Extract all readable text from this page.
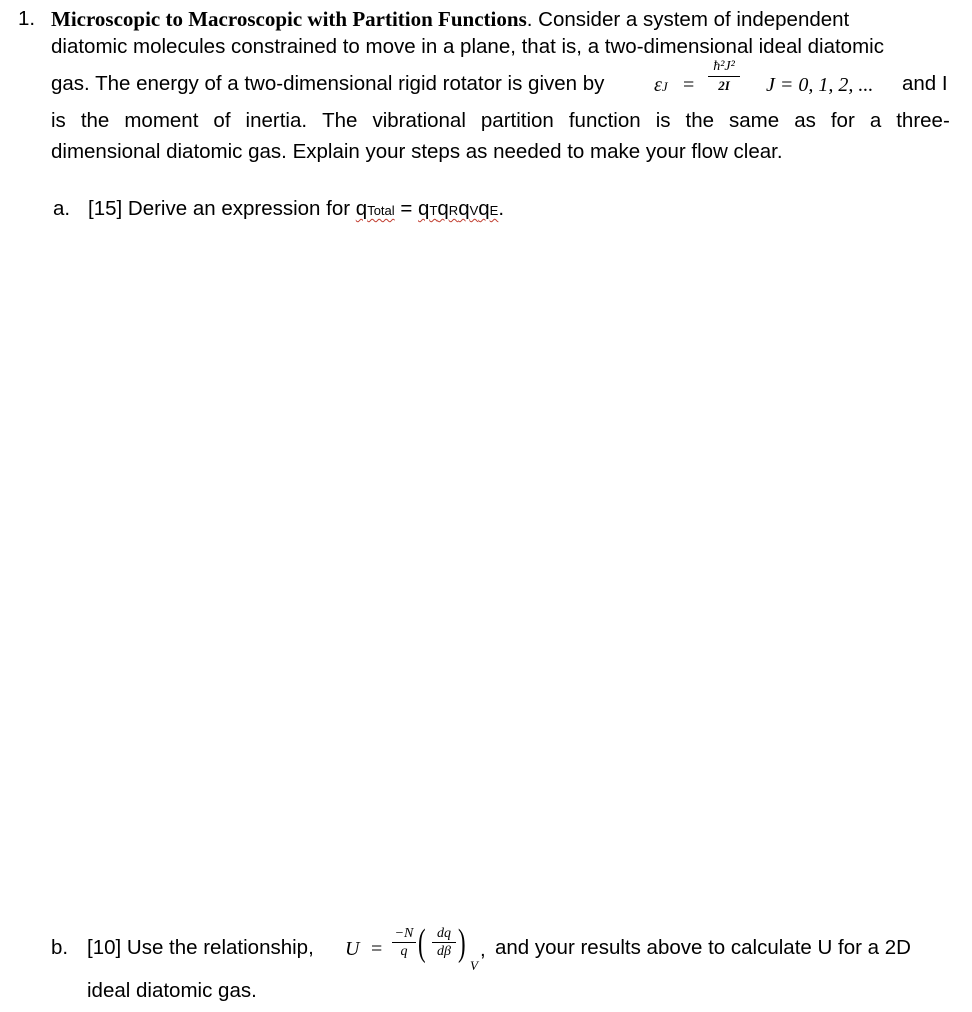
1. Microscopic to Macroscopic with Partition Functions. Consider a system of independent
diatomic molecules constrained to move in a plane, that is, a two-dimensional ideal diatomic
gas. The energy of a two-dimensional rigid rotator is given by εJ =
ħ²J²
2I	J = 0, 1, 2, ... and I
is the moment of inertia. The vibrational partition function is the same as for a three-
dimensional diatomic gas. Explain your steps as needed to make your flow clear.
a. [15] Derive an expression for qTotal = qTqRqVqE.
b. [10] Use the relationship, U =
−N
q ( dq
dβ )
V
, and your results above to calculate U for a 2D
ideal diatomic gas.
